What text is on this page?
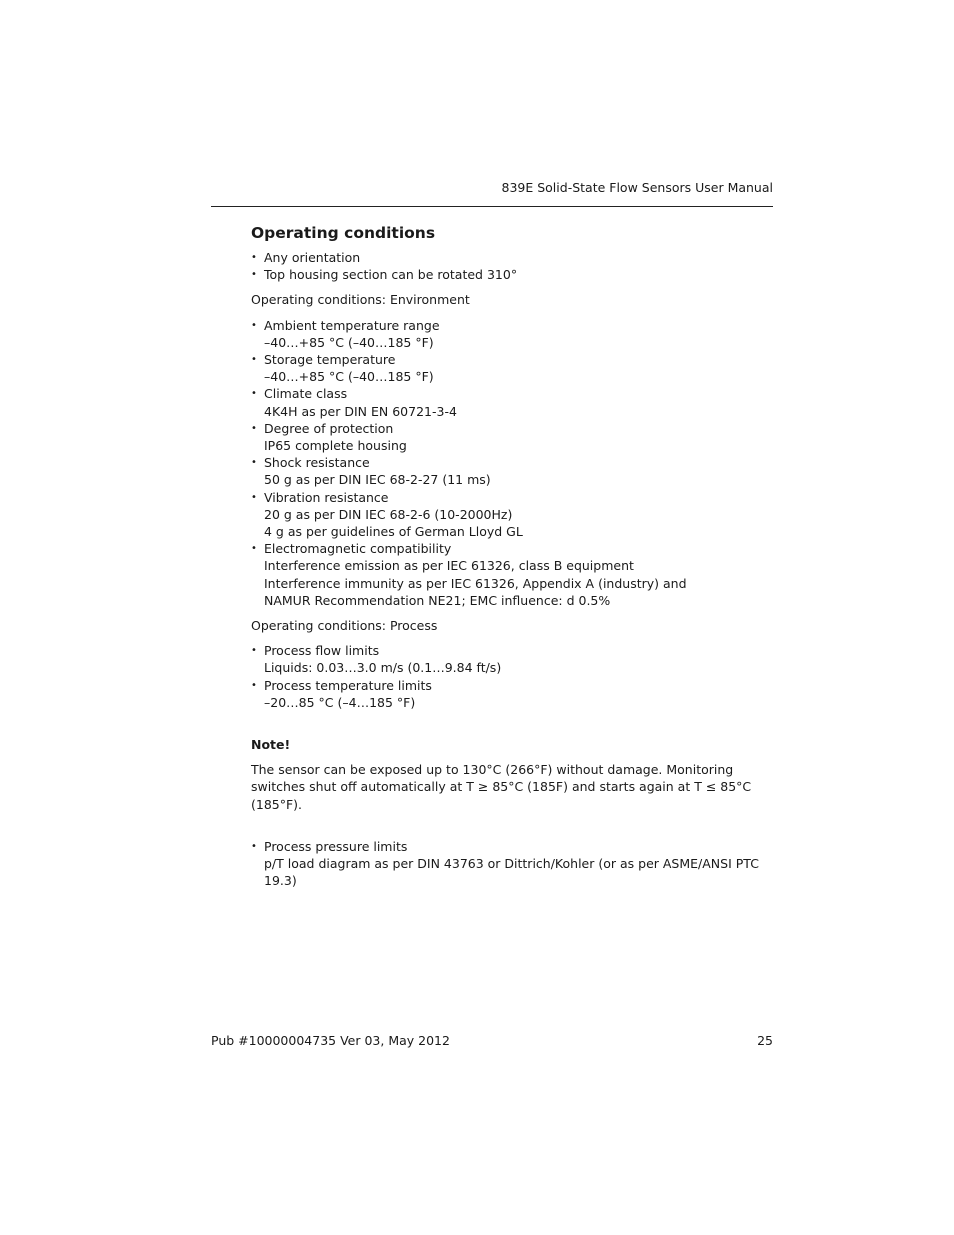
839E Solid-State Flow Sensors User Manual
Operating conditions
• Any orientation
• Top housing section can be rotated 310°

Operating conditions: Environment

• Ambient temperature range
–40…+85 °C (–40…185 °F)
• Storage temperature
–40…+85 °C (–40…185 °F)
• Climate class
4K4H as per DIN EN 60721-3-4
• Degree of protection
IP65 complete housing
• Shock resistance
50 g as per DIN IEC 68-2-27 (11 ms)
• Vibration resistance
20 g as per DIN IEC 68-2-6 (10-2000Hz)
4 g as per guidelines of German Lloyd GL
• Electromagnetic compatibility
Interference emission as per IEC 61326, class B equipment
Interference immunity as per IEC 61326, Appendix A (industry) and
NAMUR Recommendation NE21; EMC influence: d 0.5%

Operating conditions: Process

• Process flow limits
Liquids: 0.03…3.0 m/s (0.1…9.84 ft/s)
• Process temperature limits
–20…85 °C (–4…185 °F)

Note!

The sensor can be exposed up to 130°C (266°F) without damage. Monitoring switches shut off automatically at T ≥ 85°C (185F) and starts again at T ≤ 85°C (185°F).

• Process pressure limits
p/T load diagram as per DIN 43763 or Dittrich/Kohler (or as per ASME/ANSI PTC 19.3)
Pub #10000004735 Ver 03, May 2012	25
